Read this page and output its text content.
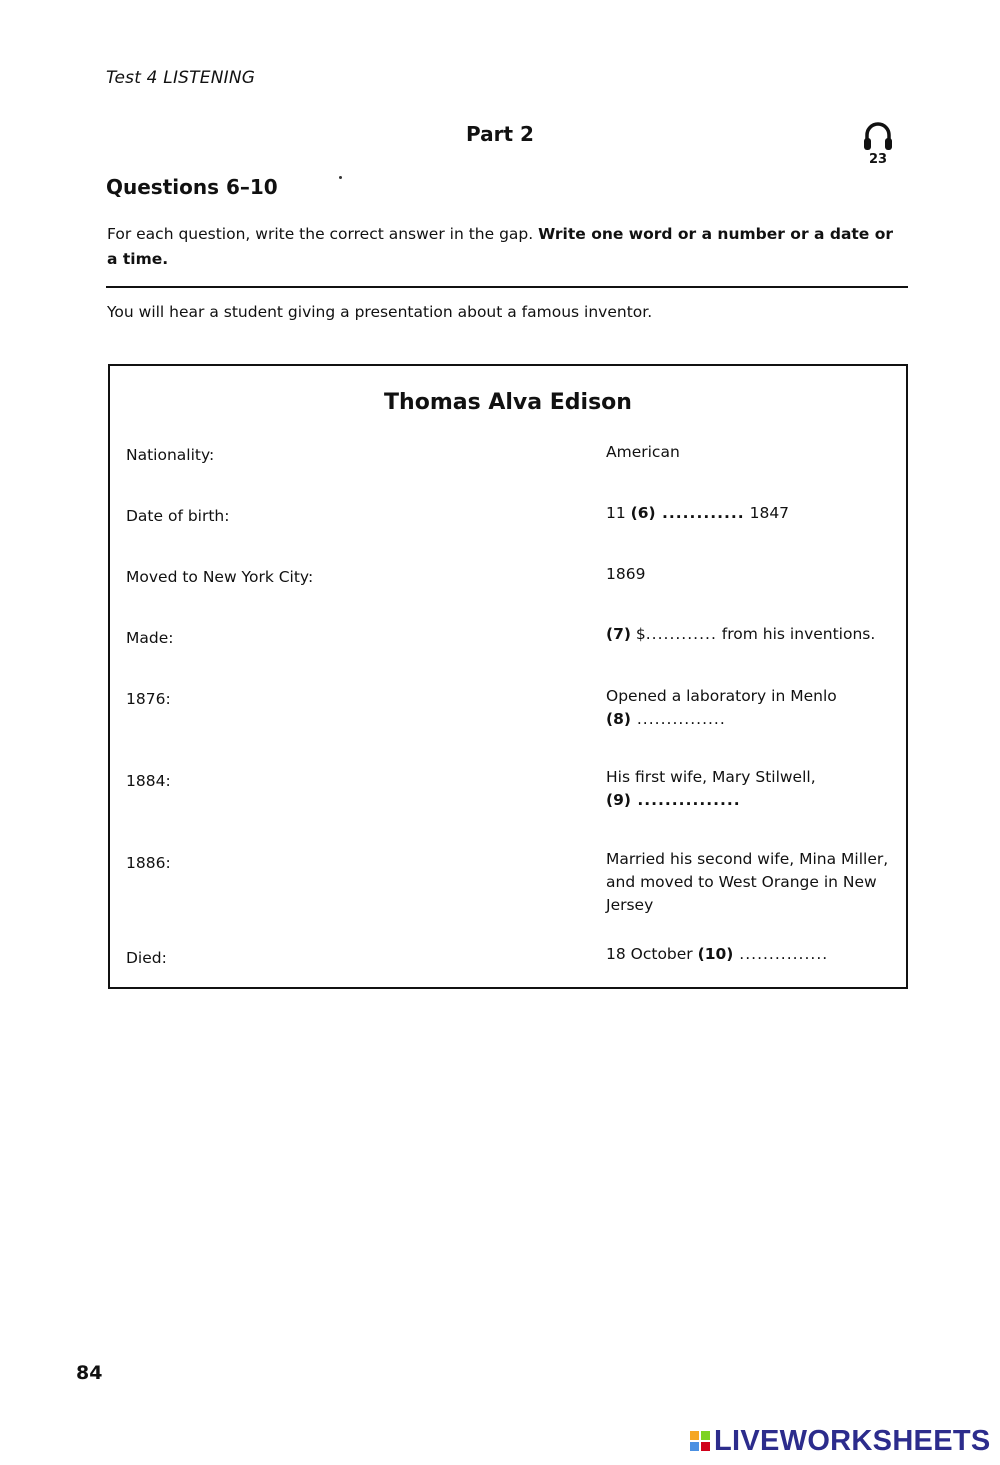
Test 4 LISTENING
Part 2
23
Questions 6–10
For each question, write the correct answer in the gap. Write one word or a number or a date or a time.
You will hear a student giving a presentation about a famous inventor.
Thomas Alva Edison
Nationality:	American
Date of birth:	11 (6) ............ 1847
Moved to New York City:	1869
Made:	(7) $............ from his inventions.
1876:	Opened a laboratory in Menlo
(8) ...............
1884:	His first wife, Mary Stilwell,
(9) ...............
1886:	Married his second wife, Mina Miller, and moved to West Orange in New Jersey
Died:	18 October (10) ...............
84
LIVEWORKSHEETS
